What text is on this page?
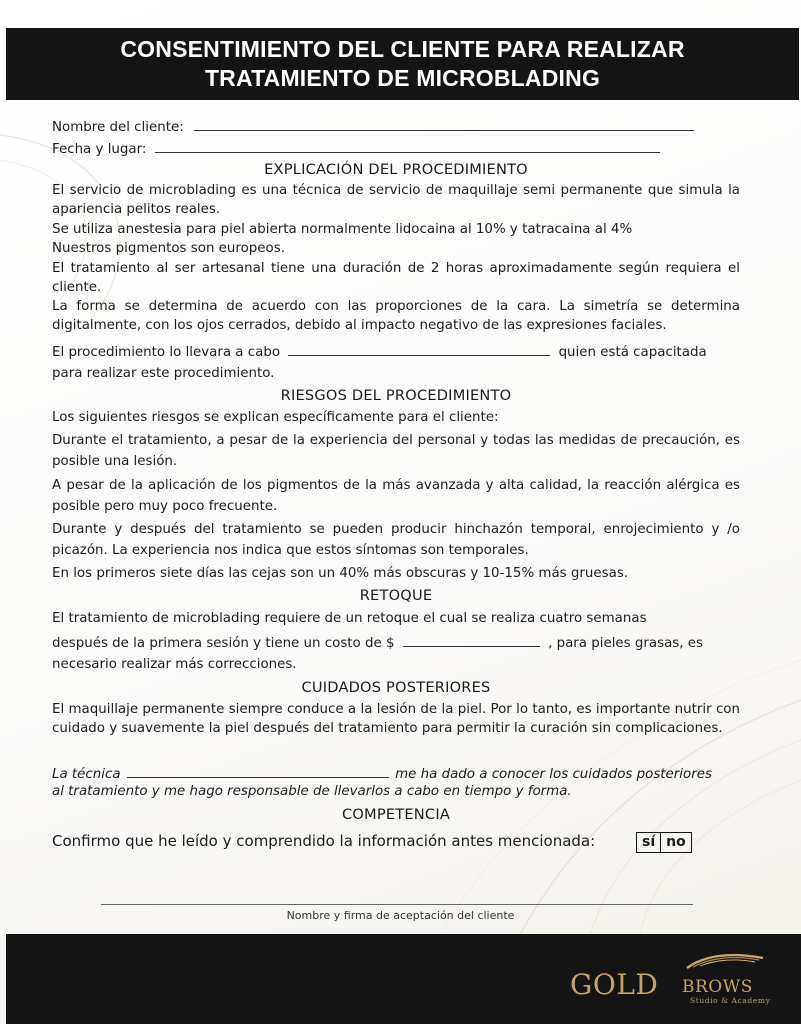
CONSENTIMIENTO DEL CLIENTE PARA REALIZAR
TRATAMIENTO DE MICROBLADING
Nombre del cliente:
Fecha y lugar:
EXPLICACIÓN DEL PROCEDIMIENTO
El servicio de microblading es una técnica de servicio de maquillaje semi permanente que simula la apariencia pelitos reales.
Se utiliza anestesia para piel abierta normalmente lidocaina al 10% y tatracaina al 4%
Nuestros pigmentos son europeos.
El tratamiento al ser artesanal tiene una duración de 2 horas aproximadamente según requiera el cliente.
La forma se determina de acuerdo con las proporciones de la cara. La simetría se determina digitalmente, con los ojos cerrados, debido al impacto negativo de las expresiones faciales.
El procedimiento lo llevara a cabo	quien está capacitada
para realizar este procedimiento.
RIESGOS DEL PROCEDIMIENTO
Los siguientes riesgos se explican específicamente para el cliente:
Durante el tratamiento, a pesar de la experiencia del personal y todas las medidas de precaución, es posible una lesión.
A pesar de la aplicación de los pigmentos de la más avanzada y alta calidad, la reacción alérgica es posible pero muy poco frecuente.
Durante y después del tratamiento se pueden producir hinchazón temporal, enrojecimiento y /o picazón. La experiencia nos indica que estos síntomas son temporales.
En los primeros siete días las cejas son un 40% más obscuras y 10-15% más gruesas.
RETOQUE
El tratamiento de microblading requiere de un retoque el cual se realiza cuatro semanas
después de la primera sesión y tiene un costo de $	, para pieles grasas, es
necesario realizar más correcciones.
CUIDADOS POSTERIORES
El maquillaje permanente siempre conduce a la lesión de la piel. Por lo tanto, es importante nutrir con cuidado y suavemente la piel después del tratamiento para permitir la curación sin complicaciones.
La técnica	me ha dado a conocer los cuidados posteriores
al tratamiento y me hago responsable de llevarlos a cabo en tiempo y forma.
COMPETENCIA
Confirmo que he leído y comprendido la información antes mencionada:	sí no
Nombre y firma de aceptación del cliente
GOLD BROWS
Studio & Academy
